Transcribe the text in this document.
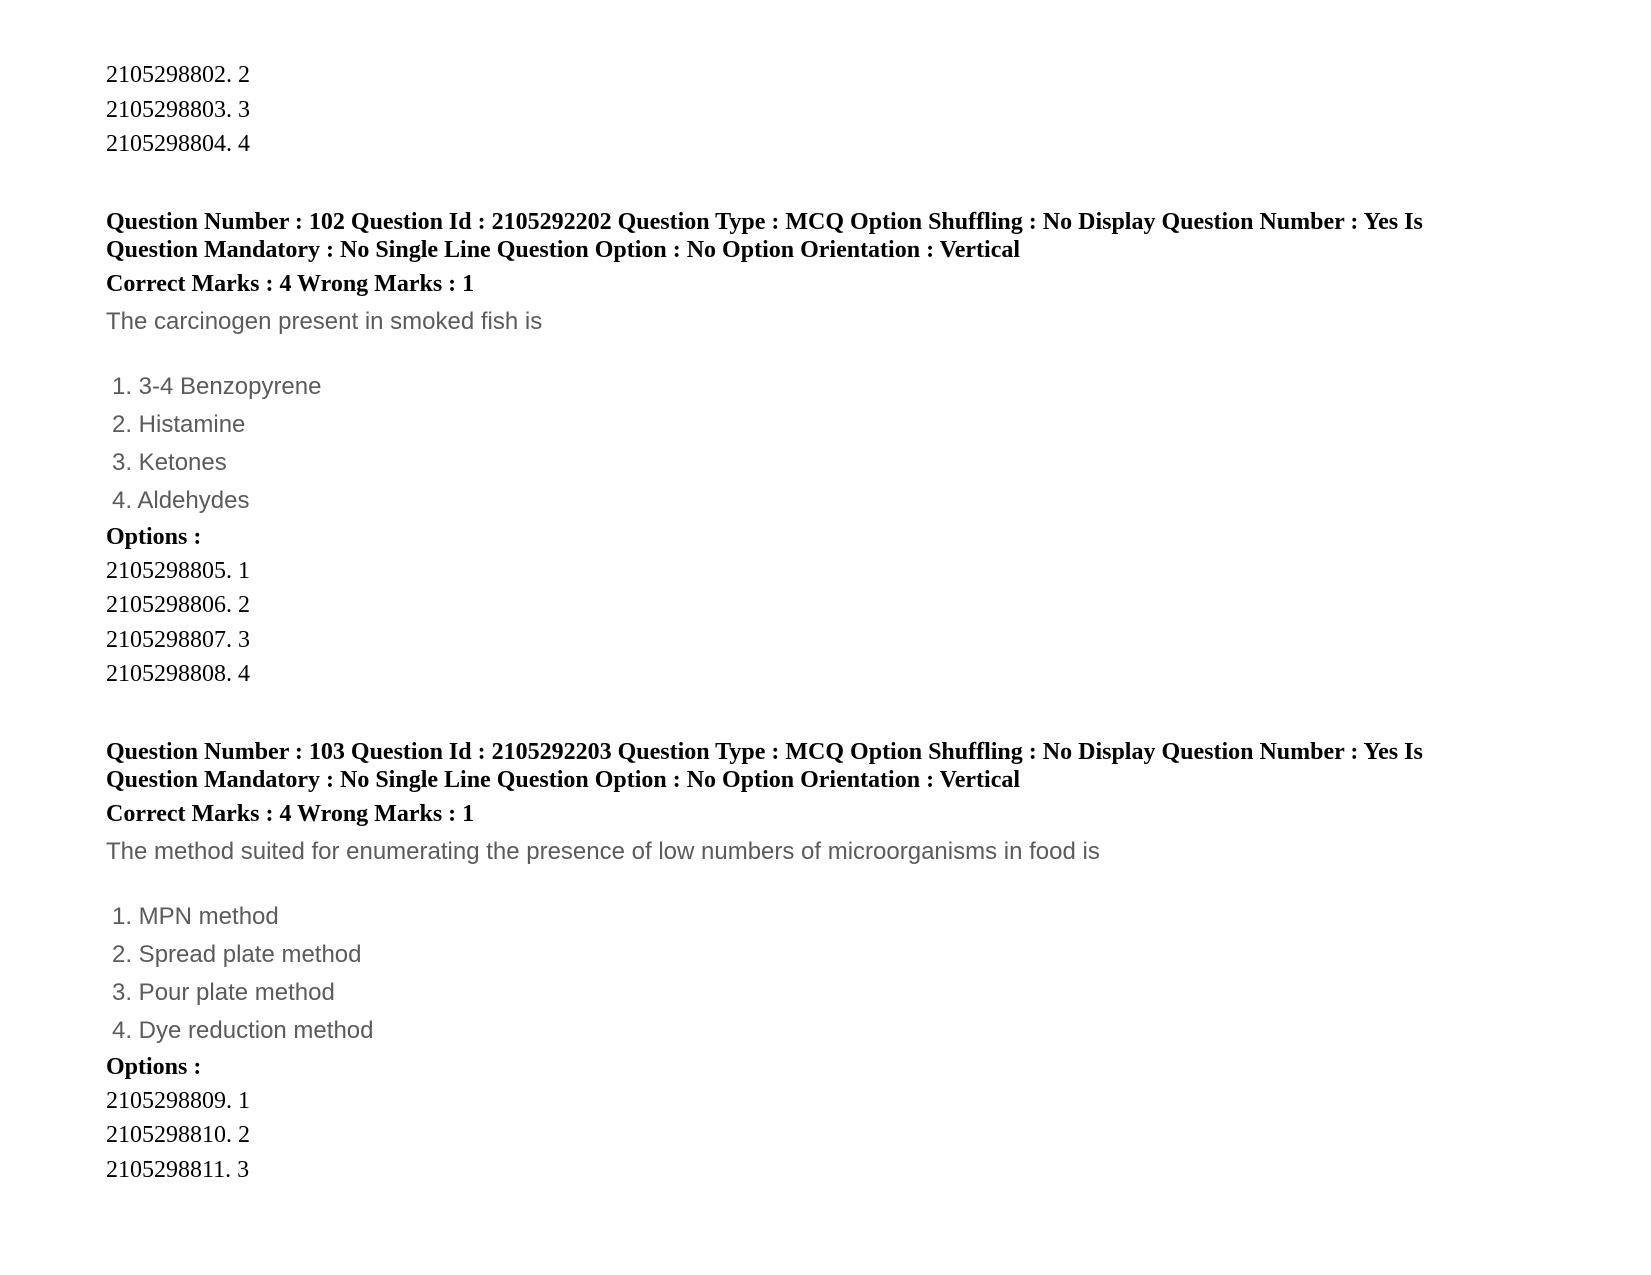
2105298802. 2
2105298803. 3
2105298804. 4
Question Number : 102 Question Id : 2105292202 Question Type : MCQ Option Shuffling : No Display Question Number : Yes Is
Question Mandatory : No Single Line Question Option : No Option Orientation : Vertical
Correct Marks : 4 Wrong Marks : 1
The carcinogen present in smoked fish is
1. 3-4 Benzopyrene
2. Histamine
3. Ketones
4. Aldehydes
Options :
2105298805. 1
2105298806. 2
2105298807. 3
2105298808. 4
Question Number : 103 Question Id : 2105292203 Question Type : MCQ Option Shuffling : No Display Question Number : Yes Is
Question Mandatory : No Single Line Question Option : No Option Orientation : Vertical
Correct Marks : 4 Wrong Marks : 1
The method suited for enumerating the presence of low numbers of microorganisms in food is
1. MPN method
2. Spread plate method
3. Pour plate method
4. Dye reduction method
Options :
2105298809. 1
2105298810. 2
2105298811. 3
